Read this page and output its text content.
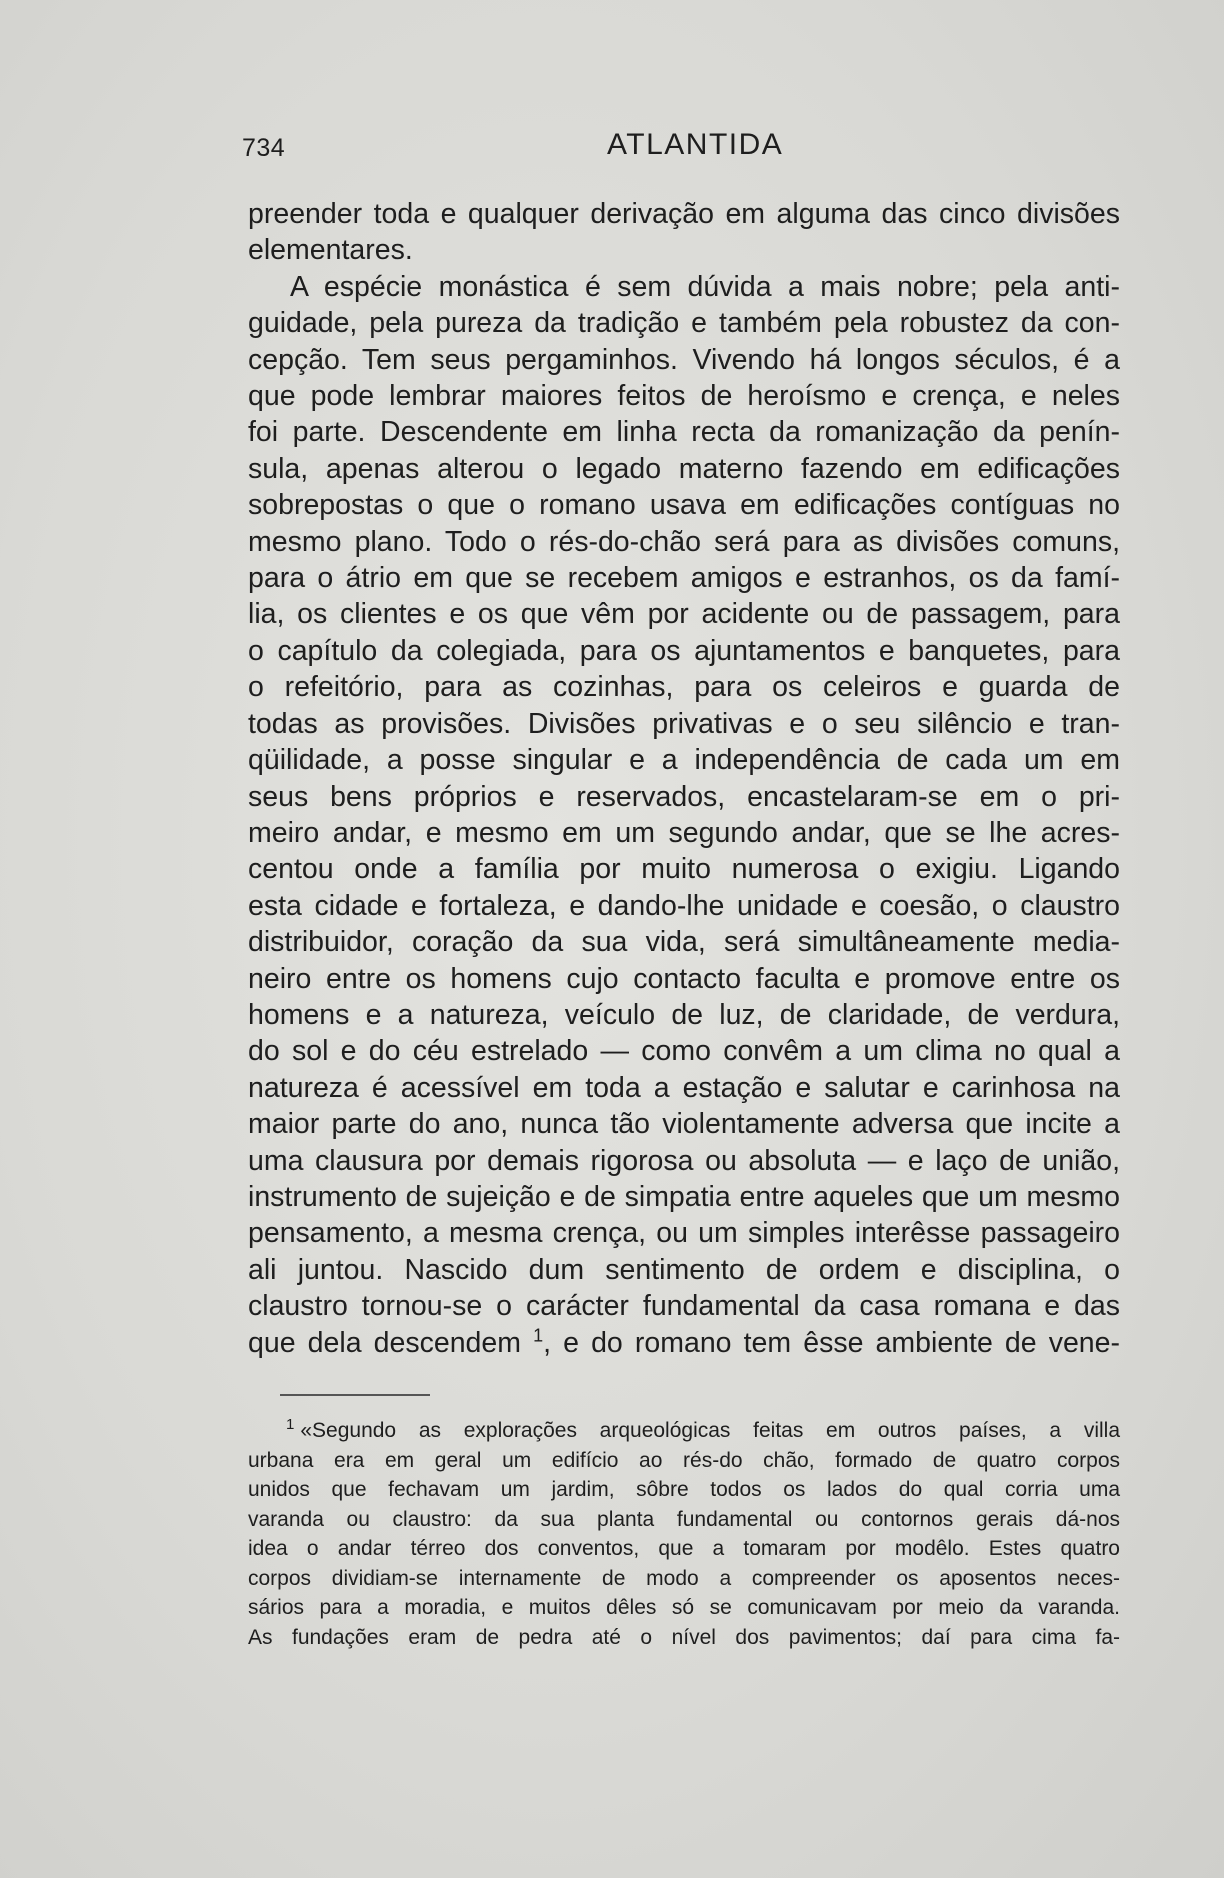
734	ATLANTIDA
preender toda e qualquer derivação em alguma das cinco divisões
elementares.
A espécie monástica é sem dúvida a mais nobre; pela anti-
guidade, pela pureza da tradição e também pela robustez da con-
cepção. Tem seus pergaminhos. Vivendo há longos séculos, é a
que pode lembrar maiores feitos de heroísmo e crença, e neles
foi parte. Descendente em linha recta da romanização da penín-
sula, apenas alterou o legado materno fazendo em edificações
sobrepostas o que o romano usava em edificações contíguas no
mesmo plano. Todo o rés-do-chão será para as divisões comuns,
para o átrio em que se recebem amigos e estranhos, os da famí-
lia, os clientes e os que vêm por acidente ou de passagem, para
o capítulo da colegiada, para os ajuntamentos e banquetes, para
o refeitório, para as cozinhas, para os celeiros e guarda de
todas as provisões. Divisões privativas e o seu silêncio e tran-
qüilidade, a posse singular e a independência de cada um em
seus bens próprios e reservados, encastelaram-se em o pri-
meiro andar, e mesmo em um segundo andar, que se lhe acres-
centou onde a família por muito numerosa o exigiu. Ligando
esta cidade e fortaleza, e dando-lhe unidade e coesão, o claustro
distribuidor, coração da sua vida, será simultâneamente media-
neiro entre os homens cujo contacto faculta e promove entre os
homens e a natureza, veículo de luz, de claridade, de verdura,
do sol e do céu estrelado — como convêm a um clima no qual a
natureza é acessível em toda a estação e salutar e carinhosa na
maior parte do ano, nunca tão violentamente adversa que incite a
uma clausura por demais rigorosa ou absoluta — e laço de união,
instrumento de sujeição e de simpatia entre aqueles que um mesmo
pensamento, a mesma crença, ou um simples interêsse passageiro
ali juntou. Nascido dum sentimento de ordem e disciplina, o
claustro tornou-se o carácter fundamental da casa romana e das
que dela descendem $^1$, e do romano tem êsse ambiente de vene-
$^1$ «Segundo as explorações arqueológicas feitas em outros países, a villa
urbana era em geral um edifício ao rés-do chão, formado de quatro corpos
unidos que fechavam um jardim, sôbre todos os lados do qual corria uma
varanda ou claustro: da sua planta fundamental ou contornos gerais dá-nos
idea o andar térreo dos conventos, que a tomaram por modêlo. Estes quatro
corpos dividiam-se internamente de modo a compreender os aposentos neces-
sários para a moradia, e muitos dêles só se comunicavam por meio da varanda.
As fundações eram de pedra até o nível dos pavimentos; daí para cima fa-
